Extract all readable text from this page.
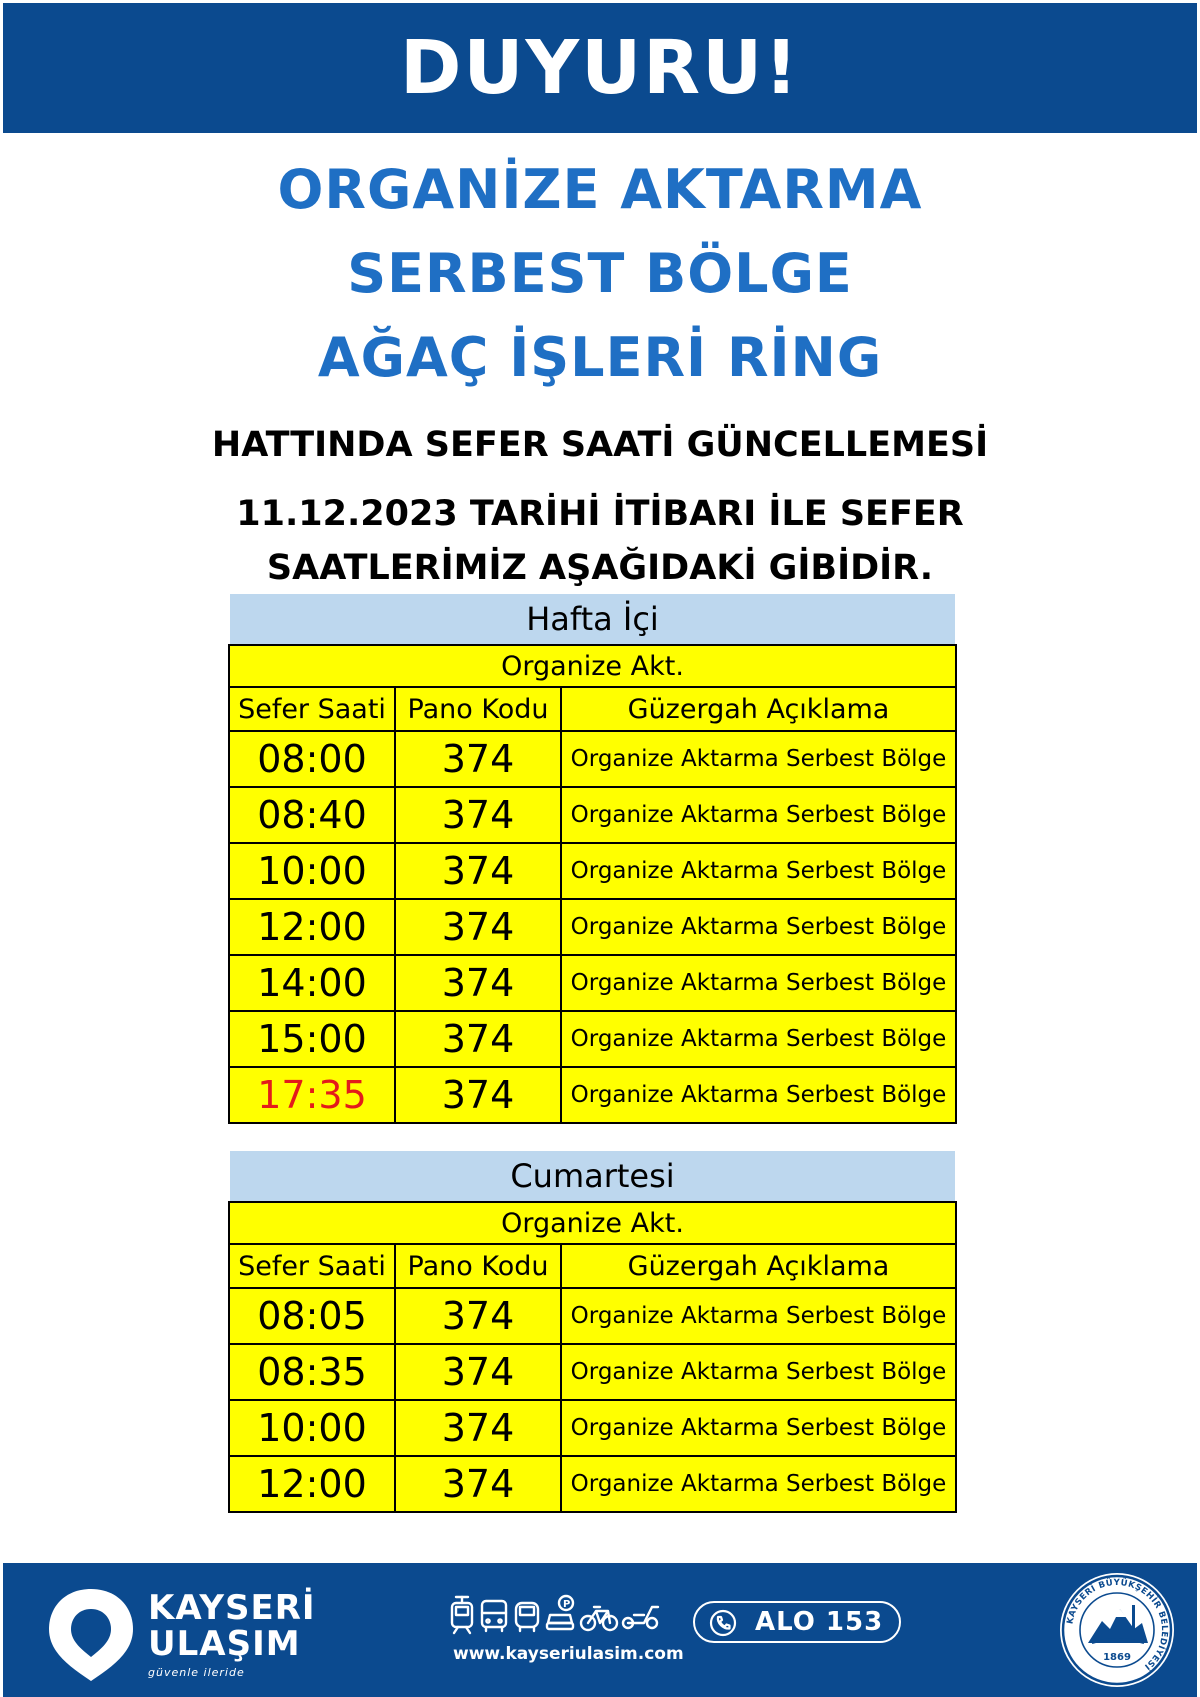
DUYURU!
ORGANİZE AKTARMA
SERBEST BÖLGE
AĞAÇ İŞLERİ RİNG
HATTINDA SEFER SAATİ GÜNCELLEMESİ
11.12.2023 TARİHİ İTİBARI İLE SEFER
SAATLERİMİZ AŞAĞIDAKİ GİBİDİR.
Hafta İçi
Organize Akt.		
Sefer Saati	Pano Kodu	Güzergah Açıklama
08:00	374	Organize Aktarma Serbest Bölge
08:40	374	Organize Aktarma Serbest Bölge
10:00	374	Organize Aktarma Serbest Bölge
12:00	374	Organize Aktarma Serbest Bölge
14:00	374	Organize Aktarma Serbest Bölge
15:00	374	Organize Aktarma Serbest Bölge
17:35	374	Organize Aktarma Serbest Bölge
Cumartesi
Organize Akt.		
Sefer Saati	Pano Kodu	Güzergah Açıklama
08:05	374	Organize Aktarma Serbest Bölge
08:35	374	Organize Aktarma Serbest Bölge
10:00	374	Organize Aktarma Serbest Bölge
12:00	374	Organize Aktarma Serbest Bölge
KAYSERİ
ULAŞIM
güvenle ileride
P
www.kayseriulasim.com
ALO 153	KAYSERİ BÜYÜKŞEHİR BELEDİYESİ
1869
